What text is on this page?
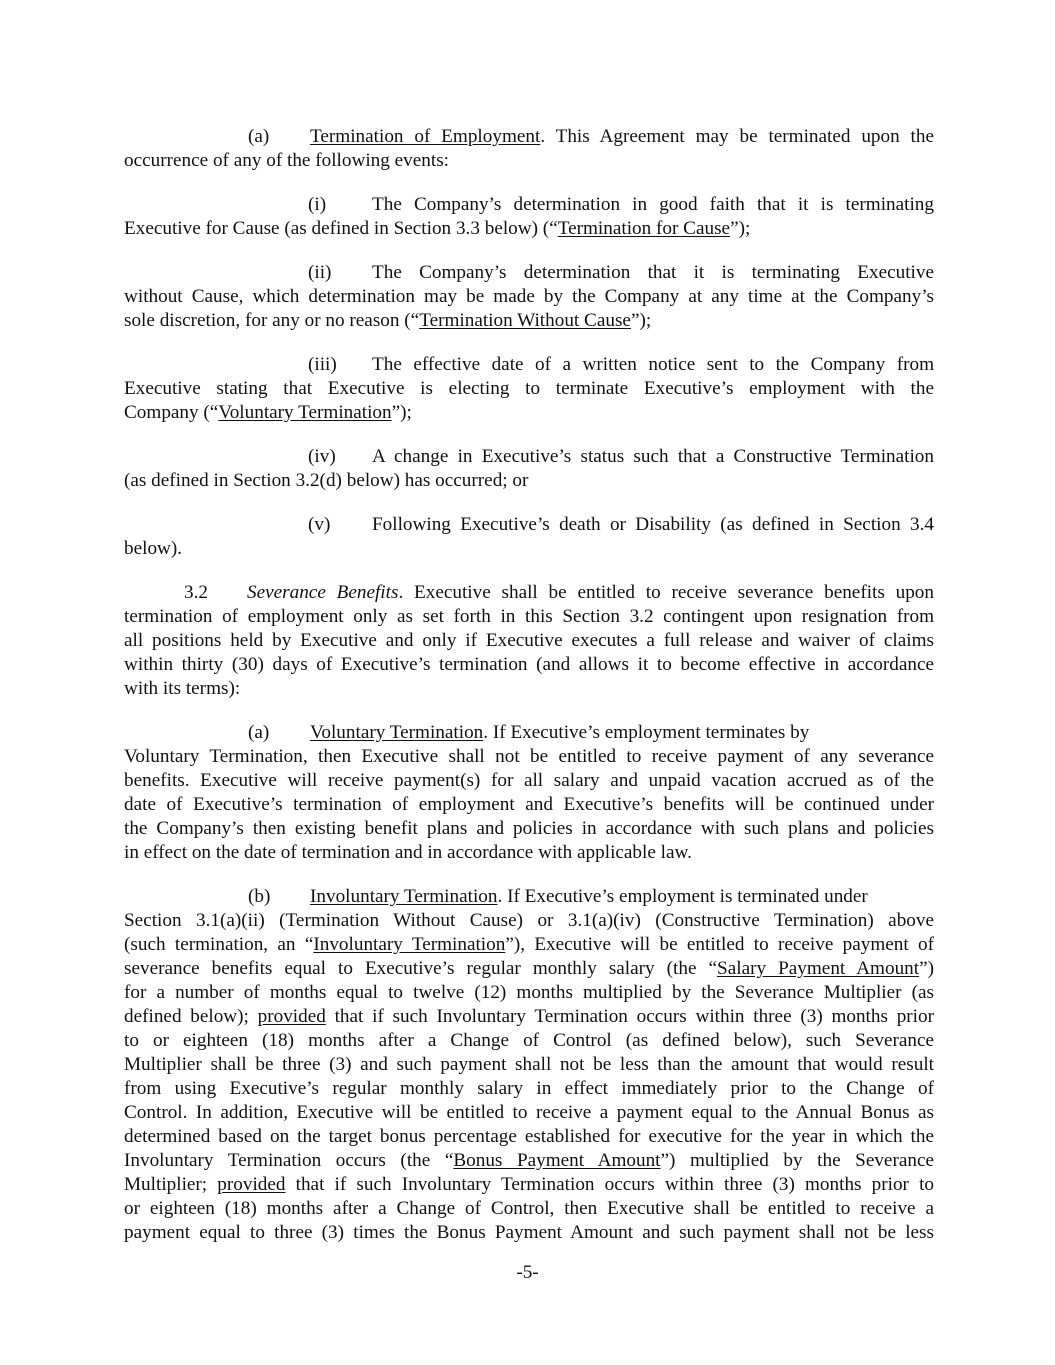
(a) Termination of Employment. This Agreement may be terminated upon the
occurrence of any of the following events:
(i) The Company’s determination in good faith that it is terminating
Executive for Cause (as defined in Section 3.3 below) (“Termination for Cause”);
(ii) The Company’s determination that it is terminating Executive
without Cause, which determination may be made by the Company at any time at the Company’s
sole discretion, for any or no reason (“Termination Without Cause”);
(iii) The effective date of a written notice sent to the Company from
Executive stating that Executive is electing to terminate Executive’s employment with the
Company (“Voluntary Termination”);
(iv) A change in Executive’s status such that a Constructive Termination
(as defined in Section 3.2(d) below) has occurred; or
(v) Following Executive’s death or Disability (as defined in Section 3.4
below).
3.2 Severance Benefits. Executive shall be entitled to receive severance benefits upon
termination of employment only as set forth in this Section 3.2 contingent upon resignation from
all positions held by Executive and only if Executive executes a full release and waiver of claims
within thirty (30) days of Executive’s termination (and allows it to become effective in accordance
with its terms):
(a) Voluntary Termination. If Executive’s employment terminates by
Voluntary Termination, then Executive shall not be entitled to receive payment of any severance
benefits. Executive will receive payment(s) for all salary and unpaid vacation accrued as of the
date of Executive’s termination of employment and Executive’s benefits will be continued under
the Company’s then existing benefit plans and policies in accordance with such plans and policies
in effect on the date of termination and in accordance with applicable law.
(b) Involuntary Termination. If Executive’s employment is terminated under
Section 3.1(a)(ii) (Termination Without Cause) or 3.1(a)(iv) (Constructive Termination) above
(such termination, an “Involuntary Termination”), Executive will be entitled to receive payment of
severance benefits equal to Executive’s regular monthly salary (the “Salary Payment Amount”)
for a number of months equal to twelve (12) months multiplied by the Severance Multiplier (as
defined below); provided that if such Involuntary Termination occurs within three (3) months prior
to or eighteen (18) months after a Change of Control (as defined below), such Severance
Multiplier shall be three (3) and such payment shall not be less than the amount that would result
from using Executive’s regular monthly salary in effect immediately prior to the Change of
Control. In addition, Executive will be entitled to receive a payment equal to the Annual Bonus as
determined based on the target bonus percentage established for executive for the year in which the
Involuntary Termination occurs (the “Bonus Payment Amount”) multiplied by the Severance
Multiplier; provided that if such Involuntary Termination occurs within three (3) months prior to
or eighteen (18) months after a Change of Control, then Executive shall be entitled to receive a
payment equal to three (3) times the Bonus Payment Amount and such payment shall not be less
-5-
